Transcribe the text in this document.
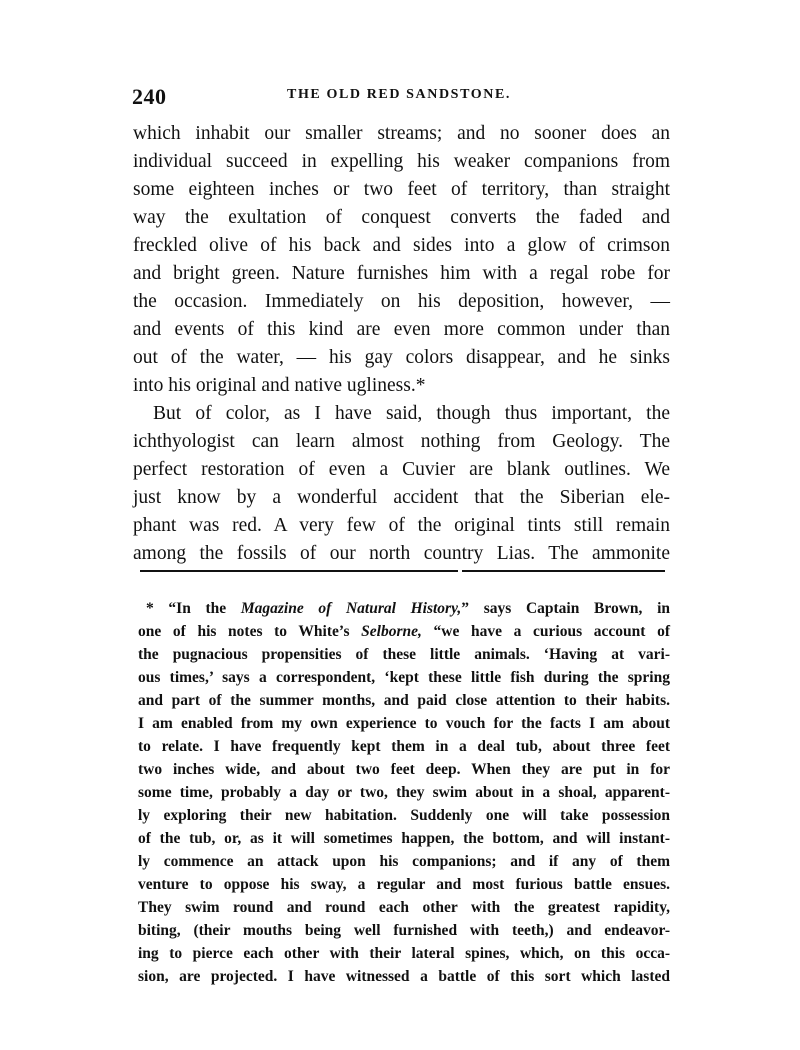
240	THE OLD RED SANDSTONE.
which inhabit our smaller streams; and no sooner does an
individual succeed in expelling his weaker companions from
some eighteen inches or two feet of territory, than straight
way the exultation of conquest converts the faded and
freckled olive of his back and sides into a glow of crimson
and bright green. Nature furnishes him with a regal robe for
the occasion. Immediately on his deposition, however, —
and events of this kind are even more common under than
out of the water, — his gay colors disappear, and he sinks
into his original and native ugliness.*
But of color, as I have said, though thus important, the
ichthyologist can learn almost nothing from Geology. The
perfect restoration of even a Cuvier are blank outlines. We
just know by a wonderful accident that the Siberian ele-
phant was red. A very few of the original tints still remain
among the fossils of our north country Lias. The ammonite
* “In the Magazine of Natural History,” says Captain Brown, in
one of his notes to White’s Selborne, “we have a curious account of
the pugnacious propensities of these little animals. ‘Having at vari-
ous times,’ says a correspondent, ‘kept these little fish during the spring
and part of the summer months, and paid close attention to their habits.
I am enabled from my own experience to vouch for the facts I am about
to relate. I have frequently kept them in a deal tub, about three feet
two inches wide, and about two feet deep. When they are put in for
some time, probably a day or two, they swim about in a shoal, apparent-
ly exploring their new habitation. Suddenly one will take possession
of the tub, or, as it will sometimes happen, the bottom, and will instant-
ly commence an attack upon his companions; and if any of them
venture to oppose his sway, a regular and most furious battle ensues.
They swim round and round each other with the greatest rapidity,
biting, (their mouths being well furnished with teeth,) and endeavor-
ing to pierce each other with their lateral spines, which, on this occa-
sion, are projected. I have witnessed a battle of this sort which lasted
